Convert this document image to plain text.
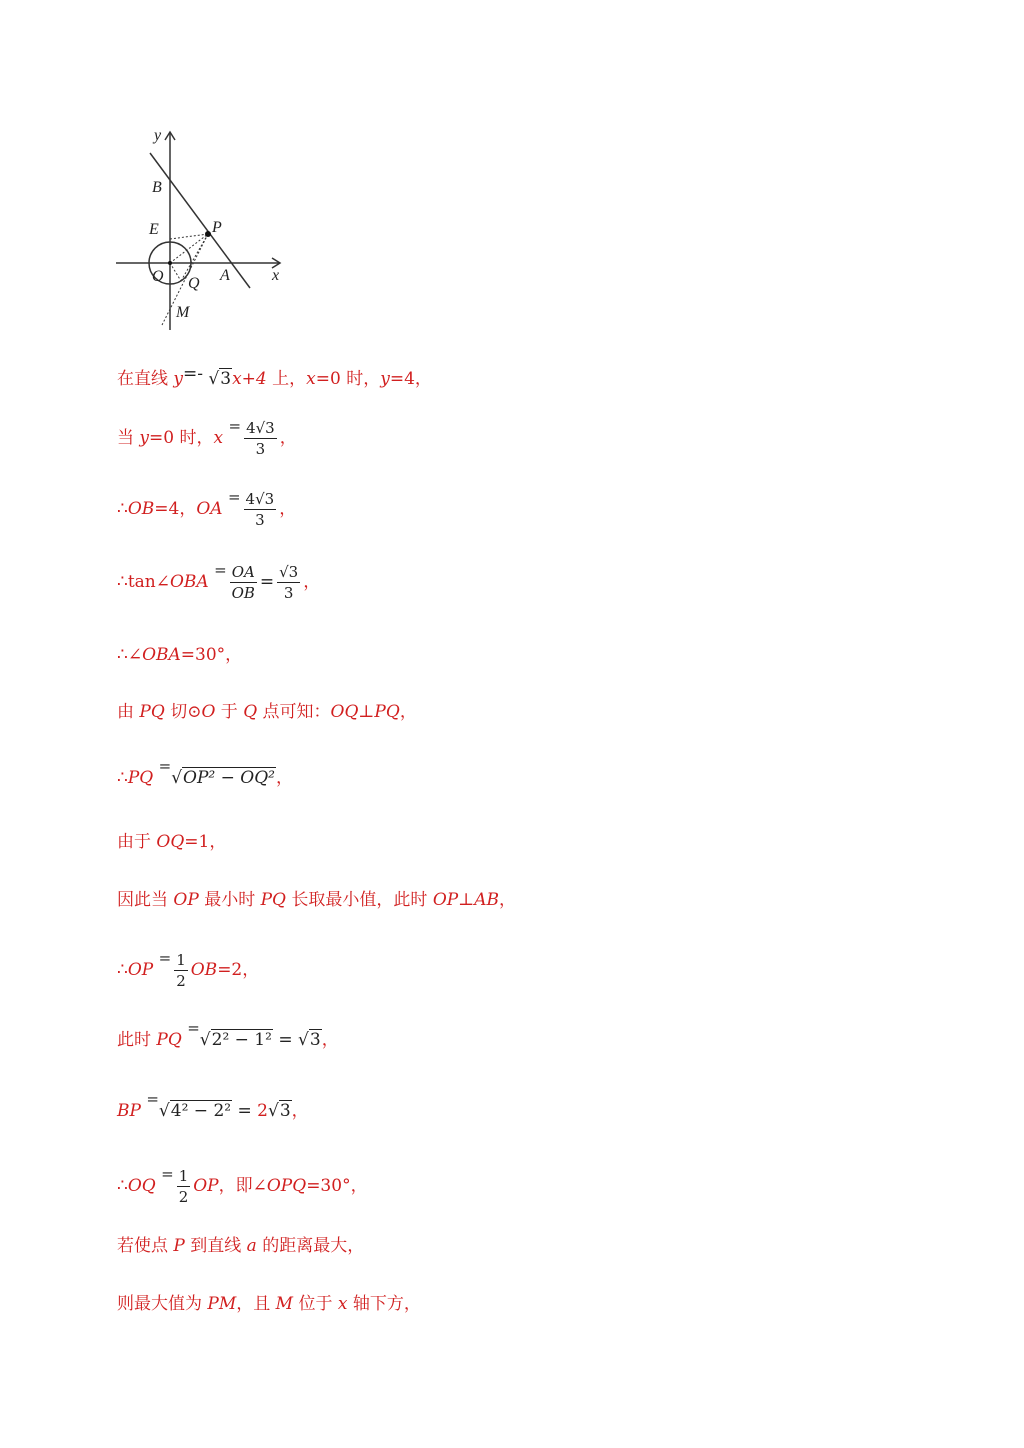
y
x
B
E	P
O Q A
M
在直线 y=- √3x+4 上，x=0 时，y=4，
当 y=0 时，$x = \frac{4√3}{3}$ ，
∴OB=4，OA = $\frac{4√3}{3}$ ，
∴tan∠OBA = $\frac{OA}{OB} = \frac{√3}{3}$ ，
∴∠OBA=30°，
由 PQ 切⊙O 于 Q 点可知：OQ⊥PQ，
∴PQ =√OP² − OQ²，
由于 OQ=1，
因此当 OP 最小时 PQ 长取最小值，此时 OP⊥AB，
∴OP = $\frac{1}{2} OB=2$，
此时 PQ =√2² − 1² = √3，
BP =√4² − 2² = 2√3，
∴OQ = $\frac{1}{2}$ OP，即∠OPQ=30°，
若使点 P 到直线 a 的距离最大，
则最大值为 PM，且 M 位于 x 轴下方，
